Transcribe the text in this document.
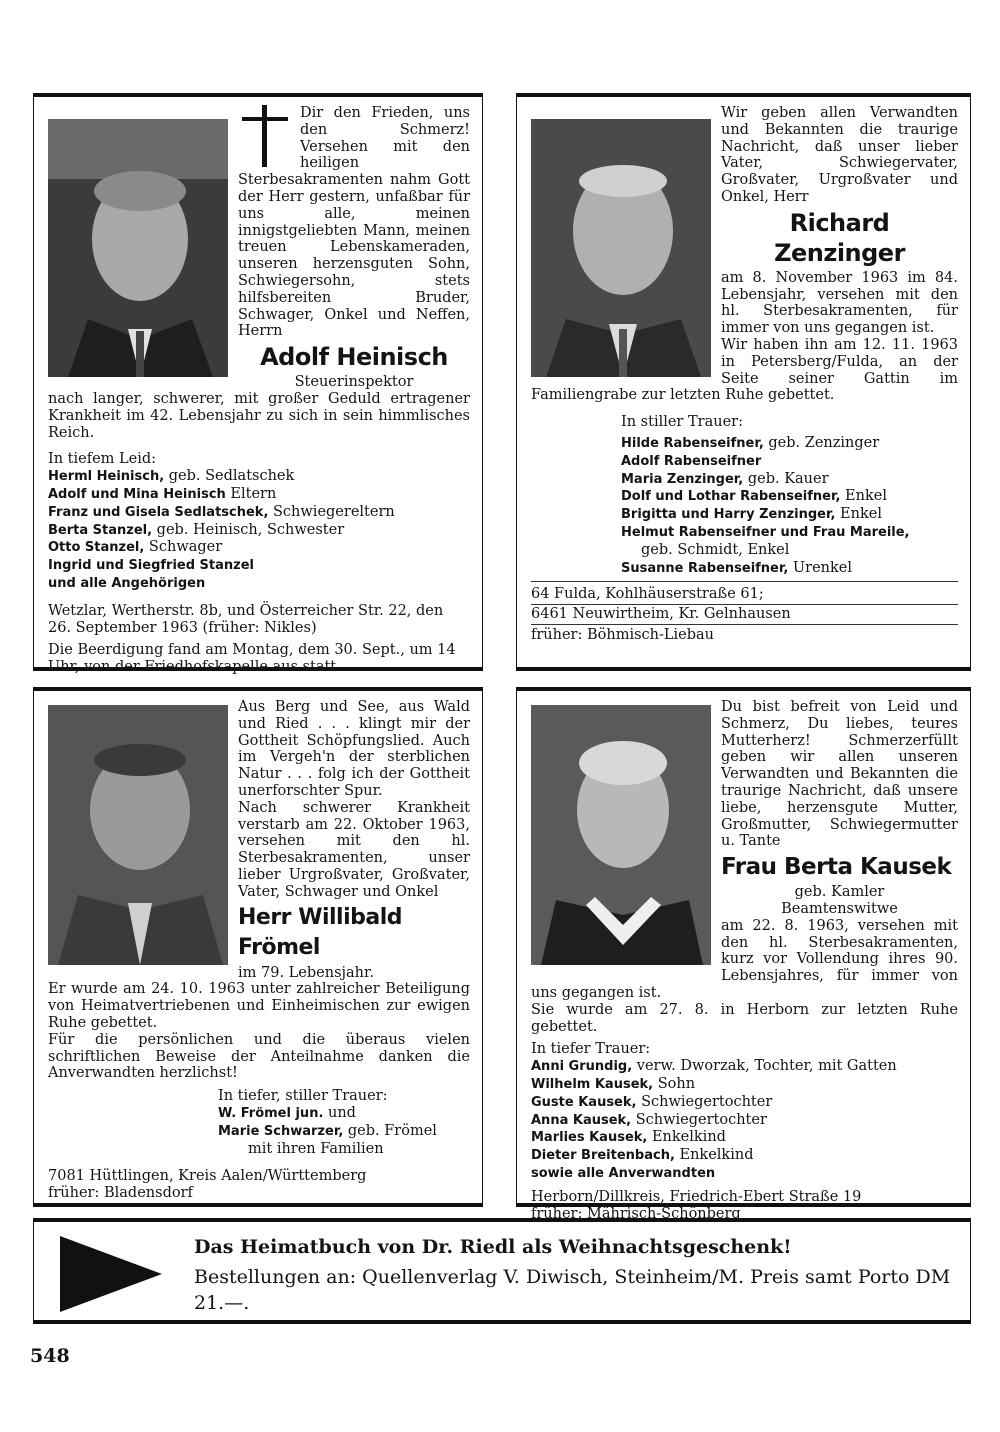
Dir den Frieden, uns den Schmerz! Versehen mit den heiligen Sterbesakramenten nahm Gott der Herr gestern, unfaßbar für uns alle, meinen innigstgeliebten Mann, meinen treuen Lebenskameraden, unseren herzensguten Sohn, Schwiegersohn, stets hilfsbereiten Bruder, Schwager, Onkel und Neffen, Herrn

Adolf Heinisch
Steuerinspektor

nach langer, schwerer, mit großer Geduld ertragener Krankheit im 42. Lebensjahr zu sich in sein himmlisches Reich.

In tiefem Leid:

Herml Heinisch, geb. Sedlatschek
Adolf und Mina Heinisch Eltern
Franz und Gisela Sedlatschek, Schwiegereltern
Berta Stanzel, geb. Heinisch, Schwester
Otto Stanzel, Schwager
Ingrid und Siegfried Stanzel
und alle Angehörigen

Wetzlar, Wertherstr. 8b, und Österreicher Str. 22, den 26. September 1963 (früher: Nikles)

Die Beerdigung fand am Montag, dem 30. Sept., um 14 Uhr, von der Friedhofskapelle aus statt.

Wir geben allen Verwandten und Bekannten die traurige Nachricht, daß unser lieber Vater, Schwiegervater, Großvater, Urgroßvater und Onkel, Herr

Richard Zenzinger

am 8. November 1963 im 84. Lebensjahr, versehen mit den hl. Sterbesakramenten, für immer von uns gegangen ist.

Wir haben ihn am 12. 11. 1963 in Petersberg/Fulda, an der Seite seiner Gattin im Familiengrabe zur letzten Ruhe gebettet.

In stiller Trauer:

Hilde Rabenseifner, geb. Zenzinger
Adolf Rabenseifner
Maria Zenzinger, geb. Kauer
Dolf und Lothar Rabenseifner, Enkel
Brigitta und Harry Zenzinger, Enkel
Helmut Rabenseifner und Frau Mareile,
geb. Schmidt, Enkel
Susanne Rabenseifner, Urenkel

64 Fulda, Kohlhäuserstraße 61;

6461 Neuwirtheim, Kr. Gelnhausen

früher: Böhmisch-Liebau

Aus Berg und See, aus Wald und Ried . . . klingt mir der Gottheit Schöpfungslied. Auch im Vergeh'n der sterblichen Natur . . . folg ich der Gottheit unerforschter Spur.

Nach schwerer Krankheit verstarb am 22. Oktober 1963, versehen mit den hl. Sterbesakramenten, unser lieber Urgroßvater, Großvater, Vater, Schwager und Onkel

Herr Willibald Frömel

im 79. Lebensjahr.

Er wurde am 24. 10. 1963 unter zahlreicher Beteiligung von Heimatvertriebenen und Einheimischen zur ewigen Ruhe gebettet.

Für die persönlichen und die überaus vielen schriftlichen Beweise der Anteilnahme danken die Anverwandten herzlichst!

In tiefer, stiller Trauer:

W. Frömel jun. und
Marie Schwarzer, geb. Frömel
mit ihren Familien

7081 Hüttlingen, Kreis Aalen/Württemberg

früher: Bladensdorf

Du bist befreit von Leid und Schmerz, Du liebes, teures Mutterherz! Schmerzerfüllt geben wir allen unseren Verwandten und Bekannten die traurige Nachricht, daß unsere liebe, herzensgute Mutter, Großmutter, Schwiegermutter u. Tante

Frau Berta Kausek
geb. Kamler
Beamtenswitwe

am 22. 8. 1963, versehen mit den hl. Sterbesakramenten, kurz vor Vollendung ihres 90. Lebensjahres, für immer von uns gegangen ist.

Sie wurde am 27. 8. in Herborn zur letzten Ruhe gebettet.

In tiefer Trauer:

Anni Grundig, verw. Dworzak, Tochter, mit Gatten
Wilhelm Kausek, Sohn
Guste Kausek, Schwiegertochter
Anna Kausek, Schwiegertochter
Marlies Kausek, Enkelkind
Dieter Breitenbach, Enkelkind
sowie alle Anverwandten

Herborn/Dillkreis, Friedrich-Ebert Straße 19

früher: Mährisch-Schönberg

Das Heimatbuch von Dr. Riedl als Weihnachtsgeschenk!
Bestellungen an: Quellenverlag V. Diwisch, Steinheim/M. Preis samt Porto DM 21.—.
548
